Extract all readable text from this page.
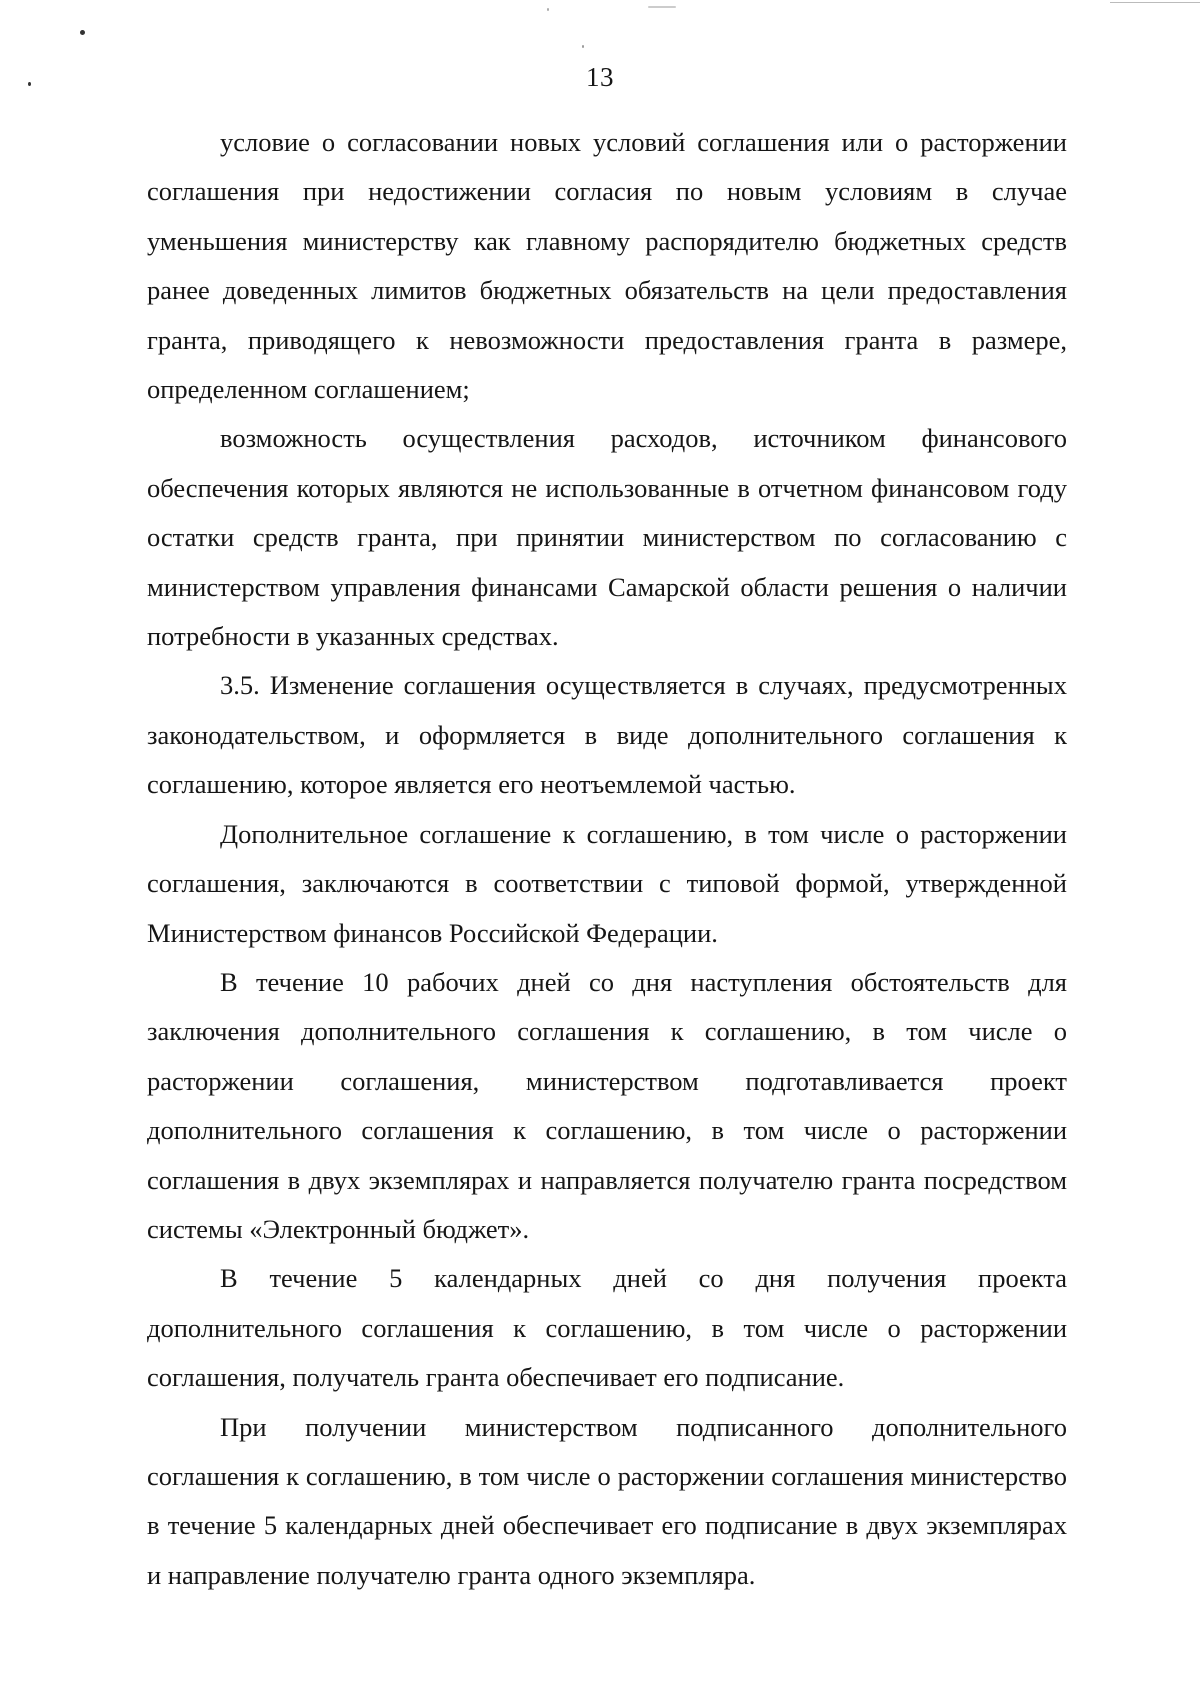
13

условие о согласовании новых условий соглашения или о расторжении соглашения при недостижении согласия по новым условиям в случае уменьшения министерству как главному распорядителю бюджетных средств ранее доведенных лимитов бюджетных обязательств на цели предоставления гранта, приводящего к невозможности предоставления гранта в размере, определенном соглашением;

возможность осуществления расходов, источником финансового обеспечения которых являются не использованные в отчетном финансовом году остатки средств гранта, при принятии министерством по согласованию с министерством управления финансами Самарской области решения о наличии потребности в указанных средствах.

3.5. Изменение соглашения осуществляется в случаях, предусмотренных законодательством, и оформляется в виде дополнительного соглашения к соглашению, которое является его неотъемлемой частью.

Дополнительное соглашение к соглашению, в том числе о расторжении соглашения, заключаются в соответствии с типовой формой, утвержденной Министерством финансов Российской Федерации.

В течение 10 рабочих дней со дня наступления обстоятельств для заключения дополнительного соглашения к соглашению, в том числе о расторжении соглашения, министерством подготавливается проект дополнительного соглашения к соглашению, в том числе о расторжении соглашения в двух экземплярах и направляется получателю гранта посредством системы «Электронный бюджет».

В течение 5 календарных дней со дня получения проекта дополнительного соглашения к соглашению, в том числе о расторжении соглашения, получатель гранта обеспечивает его подписание.

При получении министерством подписанного дополнительного соглашения к соглашению, в том числе о расторжении соглашения министерство в течение 5 календарных дней обеспечивает его подписание в двух экземплярах и направление получателю гранта одного экземпляра.
